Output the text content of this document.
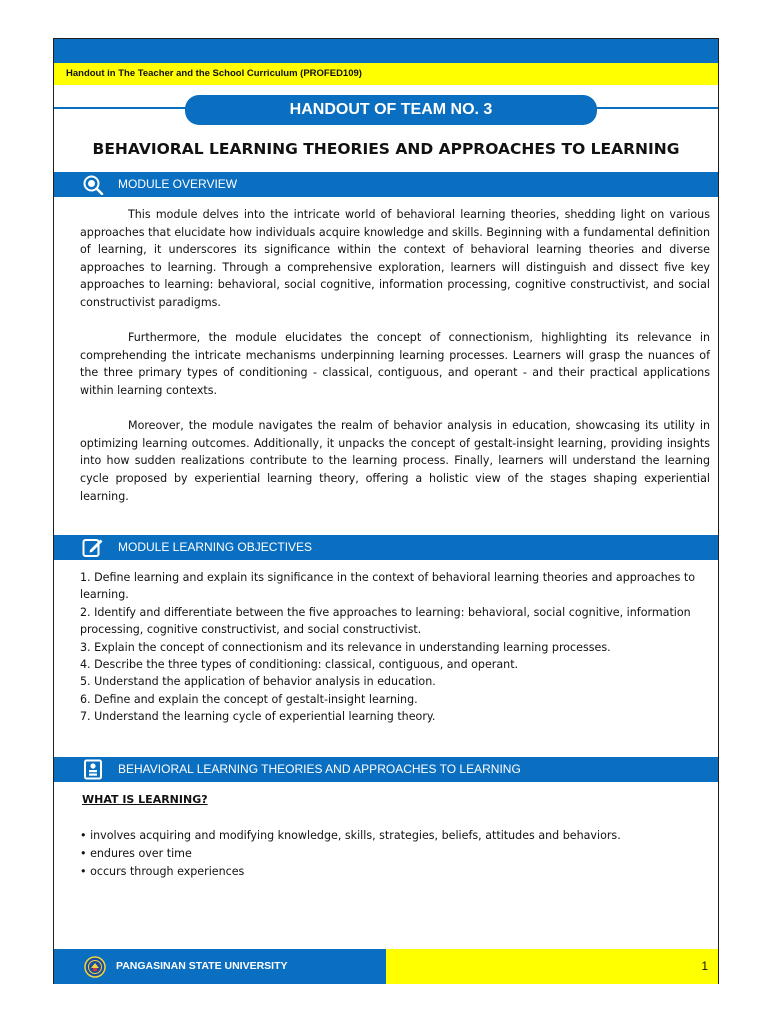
Handout in The Teacher and the School Curriculum (PROFED109)
HANDOUT OF TEAM NO. 3
BEHAVIORAL LEARNING THEORIES AND APPROACHES TO LEARNING
MODULE OVERVIEW

This module delves into the intricate world of behavioral learning theories, shedding light on various approaches that elucidate how individuals acquire knowledge and skills. Beginning with a fundamental definition of learning, it underscores its significance within the context of behavioral learning theories and diverse approaches to learning. Through a comprehensive exploration, learners will distinguish and dissect five key approaches to learning: behavioral, social cognitive, information processing, cognitive constructivist, and social constructivist paradigms.

Furthermore, the module elucidates the concept of connectionism, highlighting its relevance in comprehending the intricate mechanisms underpinning learning processes. Learners will grasp the nuances of the three primary types of conditioning - classical, contiguous, and operant - and their practical applications within learning contexts.

Moreover, the module navigates the realm of behavior analysis in education, showcasing its utility in optimizing learning outcomes. Additionally, it unpacks the concept of gestalt-insight learning, providing insights into how sudden realizations contribute to the learning process. Finally, learners will understand the learning cycle proposed by experiential learning theory, offering a holistic view of the stages shaping experiential learning.

MODULE LEARNING OBJECTIVES
1. Define learning and explain its significance in the context of behavioral learning theories and approaches to learning.
2. Identify and differentiate between the five approaches to learning: behavioral, social cognitive, information processing, cognitive constructivist, and social constructivist.
3. Explain the concept of connectionism and its relevance in understanding learning processes.
4. Describe the three types of conditioning: classical, contiguous, and operant.
5. Understand the application of behavior analysis in education.
6. Define and explain the concept of gestalt-insight learning.
7. Understand the learning cycle of experiential learning theory.
BEHAVIORAL LEARNING THEORIES AND APPROACHES TO LEARNING
WHAT IS LEARNING?
• involves acquiring and modifying knowledge, skills, strategies, beliefs, attitudes and behaviors.
• endures over time
• occurs through experiences
PANGASINAN STATE UNIVERSITY	1
